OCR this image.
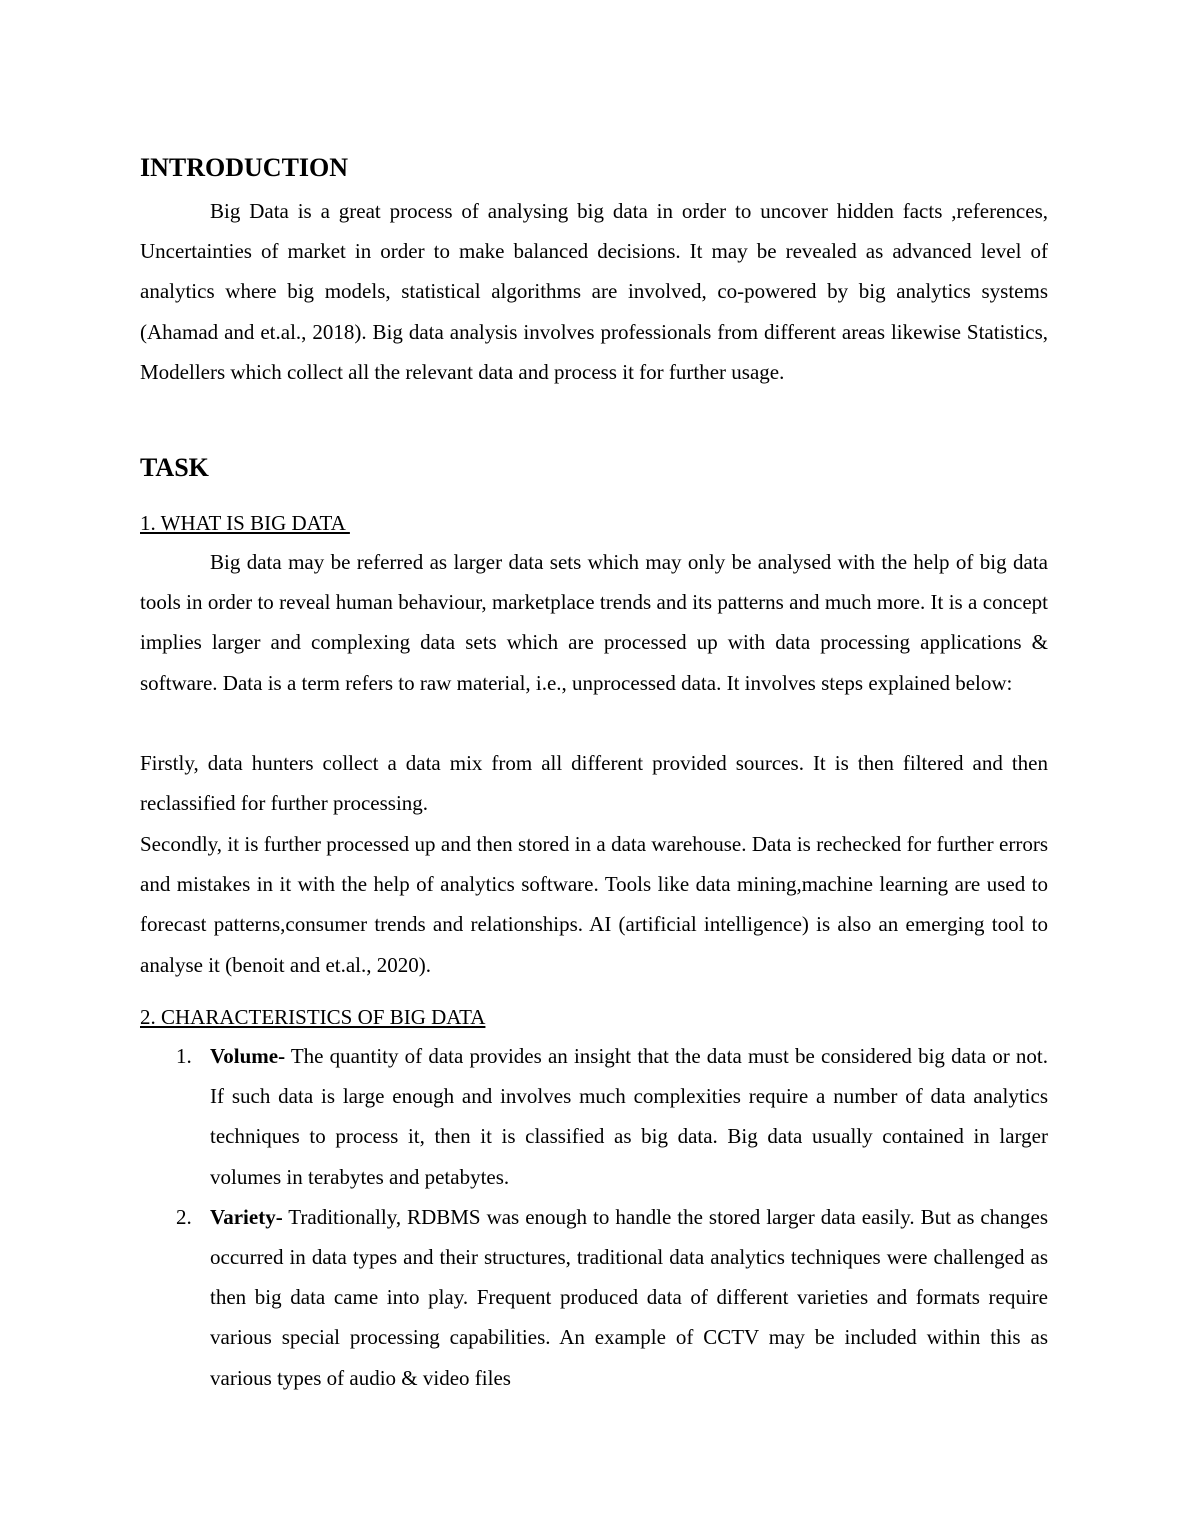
INTRODUCTION

Big Data is a great process of analysing big data in order to uncover hidden facts ,references, Uncertainties of market in order to make balanced decisions. It may be revealed as advanced level of analytics where big models, statistical algorithms are involved, co-powered by big analytics systems (Ahamad and et.al., 2018). Big data analysis involves professionals from different areas likewise Statistics, Modellers which collect all the relevant data and process it for further usage.

TASK
1. WHAT IS BIG DATA

Big data may be referred as larger data sets which may only be analysed with the help of big data tools in order to reveal human behaviour, marketplace trends and its patterns and much more. It is a concept implies larger and complexing data sets which are processed up with data processing applications & software. Data is a term refers to raw material, i.e., unprocessed data. It involves steps explained below:

Firstly, data hunters collect a data mix from all different provided sources. It is then filtered and then reclassified for further processing.

Secondly, it is further processed up and then stored in a data warehouse. Data is rechecked for further errors and mistakes in it with the help of analytics software. Tools like data mining,machine learning are used to forecast patterns,consumer trends and relationships. AI (artificial intelligence) is also an emerging tool to analyse it (benoit and et.al., 2020).

2. CHARACTERISTICS OF BIG DATA
1. Volume- The quantity of data provides an insight that the data must be considered big data or not. If such data is large enough and involves much complexities require a number of data analytics techniques to process it, then it is classified as big data. Big data usually contained in larger volumes in terabytes and petabytes.
2. Variety- Traditionally, RDBMS was enough to handle the stored larger data easily. But as changes occurred in data types and their structures, traditional data analytics techniques were challenged as then big data came into play. Frequent produced data of different varieties and formats require various special processing capabilities. An example of CCTV may be included within this as various types of audio & video files
